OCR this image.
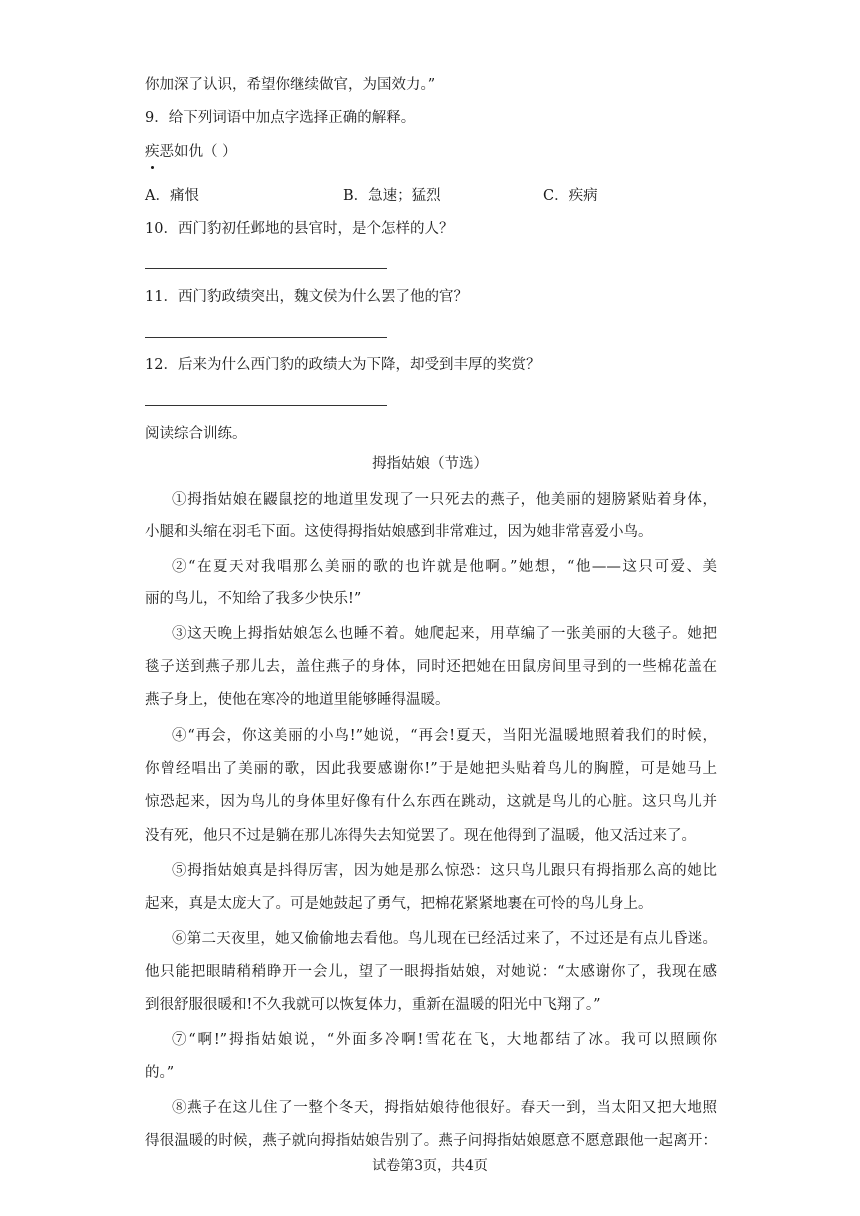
你加深了认识，希望你继续做官，为国效力。”
9．给下列词语中加点字选择正确的解释。
疾
恶如仇（ ）
A．痛恨	B．急速；猛烈	C．疾病
10．西门豹初任邺地的县官时，是个怎样的人？
11．西门豹政绩突出，魏文侯为什么罢了他的官？
12．后来为什么西门豹的政绩大为下降，却受到丰厚的奖赏？
阅读综合训练。
拇指姑娘（节选）
①拇指姑娘在鼹鼠挖的地道里发现了一只死去的燕子，他美丽的翅膀紧贴着身体，
小腿和头缩在羽毛下面。这使得拇指姑娘感到非常难过，因为她非常喜爱小鸟。
②“在夏天对我唱那么美丽的歌的也许就是他啊。”她想，“他——这只可爱、美
丽的鸟儿，不知给了我多少快乐!”
③这天晚上拇指姑娘怎么也睡不着。她爬起来，用草编了一张美丽的大毯子。她把
毯子送到燕子那儿去，盖住燕子的身体，同时还把她在田鼠房间里寻到的一些棉花盖在
燕子身上，使他在寒冷的地道里能够睡得温暖。
④“再会，你这美丽的小鸟!”她说，“再会!夏天，当阳光温暖地照着我们的时候，
你曾经唱出了美丽的歌，因此我要感谢你!”于是她把头贴着鸟儿的胸膛，可是她马上
惊恐起来，因为鸟儿的身体里好像有什么东西在跳动，这就是鸟儿的心脏。这只鸟儿并
没有死，他只不过是躺在那儿冻得失去知觉罢了。现在他得到了温暖，他又活过来了。
⑤拇指姑娘真是抖得厉害，因为她是那么惊恐：这只鸟儿跟只有拇指那么高的她比
起来，真是太庞大了。可是她鼓起了勇气，把棉花紧紧地裹在可怜的鸟儿身上。
⑥第二天夜里，她又偷偷地去看他。鸟儿现在已经活过来了，不过还是有点儿昏迷。
他只能把眼睛稍稍睁开一会儿，望了一眼拇指姑娘，对她说：“太感谢你了，我现在感
到很舒服很暖和!不久我就可以恢复体力，重新在温暖的阳光中飞翔了。”
⑦“啊!”拇指姑娘说，“外面多冷啊!雪花在飞，大地都结了冰。我可以照顾你
的。”
⑧燕子在这儿住了一整个冬天，拇指姑娘待他很好。春天一到，当太阳又把大地照
得很温暖的时候，燕子就向拇指姑娘告别了。燕子问拇指姑娘愿意不愿意跟他一起离开：
试卷第3页，共4页
